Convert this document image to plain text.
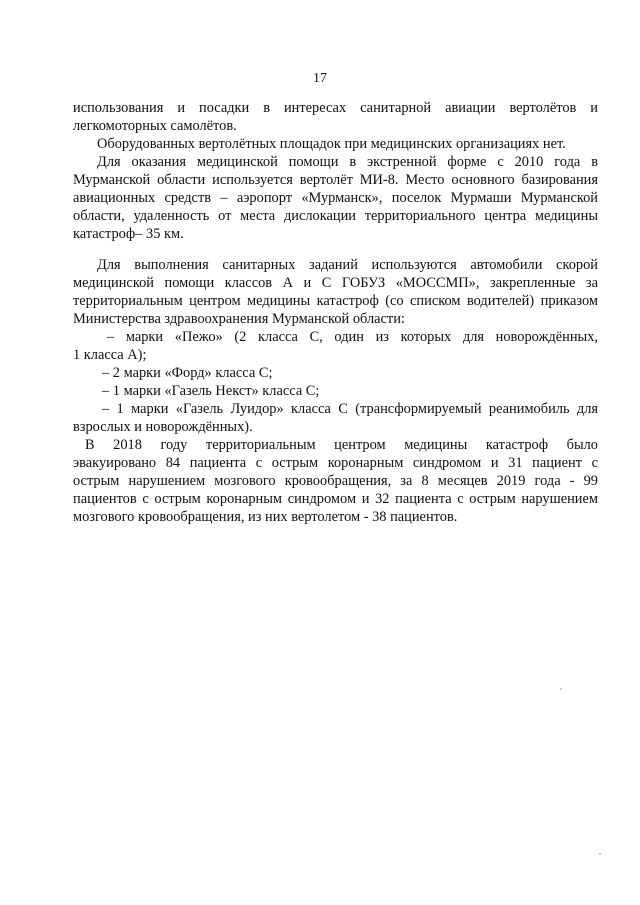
17
использования и посадки в интересах санитарной авиации вертолётов и
легкомоторных самолётов.
Оборудованных вертолётных площадок при медицинских организациях нет.
Для оказания медицинской помощи в экстренной форме с 2010 года в
Мурманской области используется вертолёт МИ-8. Место основного базирования
авиационных средств – аэропорт «Мурманск», поселок Мурмаши Мурманской
области, удаленность от места дислокации территориального центра медицины
катастроф– 35 км.
Для выполнения санитарных заданий используются автомобили скорой
медицинской помощи классов А и С ГОБУЗ «МОССМП», закрепленные за
территориальным центром медицины катастроф (со списком водителей) приказом
Министерства здравоохранения Мурманской области:
– марки «Пежо» (2 класса С, один из которых для новорождённых,
1 класса А);
– 2 марки «Форд» класса С;
– 1 марки «Газель Некст» класса С;
– 1 марки «Газель Луидор» класса С (трансформируемый реанимобиль для
взрослых и новорождённых).
В 2018 году территориальным центром медицины катастроф было
эвакуировано 84 пациента с острым коронарным синдромом и 31 пациент с
острым нарушением мозгового кровообращения, за 8 месяцев 2019 года - 99
пациентов с острым коронарным синдромом и 32 пациента с острым нарушением
мозгового кровообращения, из них вертолетом - 38 пациентов.
